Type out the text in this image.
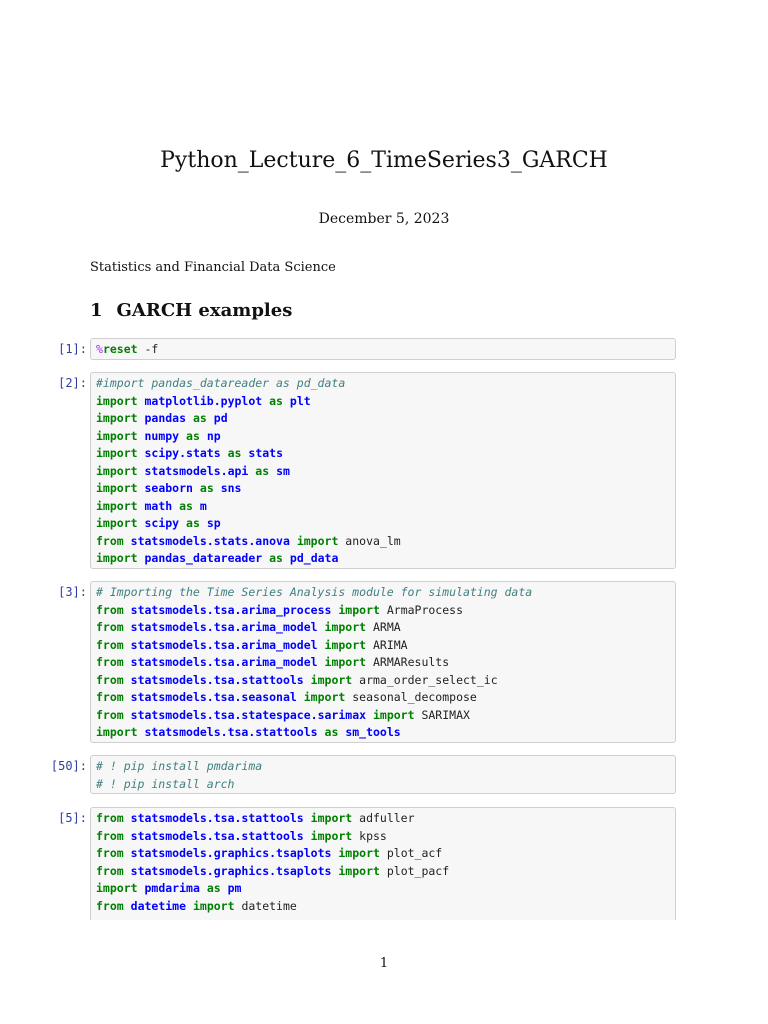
Python_Lecture_6_TimeSeries3_GARCH
December 5, 2023
Statistics and Financial Data Science
1 GARCH examples
[1]: %reset -f
[2]: #import pandas_datareader as pd_data
import matplotlib.pyplot as plt
import pandas as pd
import numpy as np
import scipy.stats as stats
import statsmodels.api as sm
import seaborn as sns
import math as m
import scipy as sp
from statsmodels.stats.anova import anova_lm
import pandas_datareader as pd_data
[3]: # Importing the Time Series Analysis module for simulating data
from statsmodels.tsa.arima_process import ArmaProcess
from statsmodels.tsa.arima_model import ARMA
from statsmodels.tsa.arima_model import ARIMA
from statsmodels.tsa.arima_model import ARMAResults
from statsmodels.tsa.stattools import arma_order_select_ic
from statsmodels.tsa.seasonal import seasonal_decompose
from statsmodels.tsa.statespace.sarimax import SARIMAX
import statsmodels.tsa.stattools as sm_tools
[50]: # ! pip install pmdarima
# ! pip install arch
[5]: from statsmodels.tsa.stattools import adfuller
from statsmodels.tsa.stattools import kpss
from statsmodels.graphics.tsaplots import plot_acf
from statsmodels.graphics.tsaplots import plot_pacf
import pmdarima as pm
from datetime import datetime
1
